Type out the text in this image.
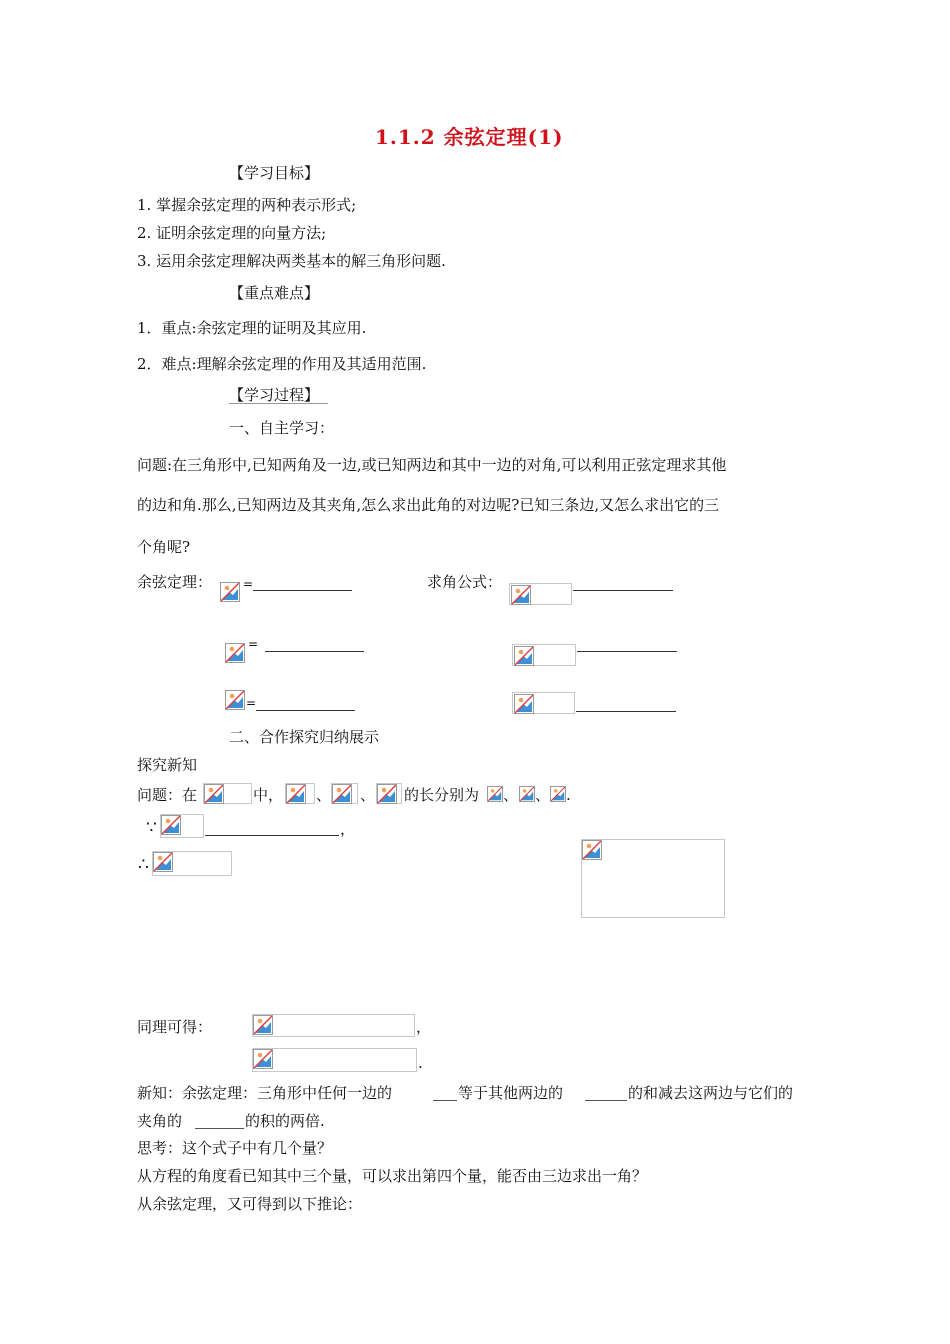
1.1.2 余弦定理(1)
【学习目标】
1. 掌握余弦定理的两种表示形式;
2. 证明余弦定理的向量方法;
3. 运用余弦定理解决两类基本的解三角形问题.
【重点难点】
1．重点:余弦定理的证明及其应用.
2．难点:理解余弦定理的作用及其适用范围.
【学习过程】
一、自主学习：
问题:在三角形中,已知两角及一边,或已知两边和其中一边的对角,可以利用正弦定理求其他
的边和角.那么,已知两边及其夹角,怎么求出此角的对边呢?已知三条边,又怎么求出它的三
个角呢?
余弦定理：	=
=
=
求角公式：
二、合作探究归纳展示
探究新知
问题：在	中， 、 、 的长分别为 、 、 .
∵	，
∴
同理可得：	，
.
新知：余弦定理：三角形中任何一边的	等于其他两边的	的和减去这两边与它们的
夹角的	的积的两倍.
思考：这个式子中有几个量？
从方程的角度看已知其中三个量，可以求出第四个量，能否由三边求出一角？
从余弦定理，又可得到以下推论：
